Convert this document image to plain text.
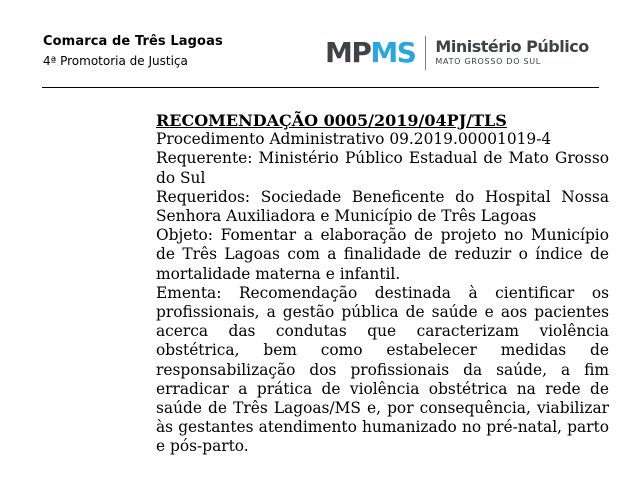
Comarca de Três Lagoas
4ª Promotoria de Justiça	MP MS Ministério Público
MATO GROSSO DO SUL
RECOMENDAÇÃO 0005/2019/04PJ/TLS
Procedimento Administrativo 09.2019.00001019-4
Requerente: Ministério Público Estadual de Mato Grosso do Sul
Requeridos: Sociedade Beneficente do Hospital Nossa Senhora Auxiliadora e Município de Três Lagoas
Objeto: Fomentar a elaboração de projeto no Município de Três Lagoas com a finalidade de reduzir o índice de mortalidade materna e infantil.
Ementa: Recomendação destinada à cientificar os profissionais, a gestão pública de saúde e aos pacientes acerca das condutas que caracterizam violência obstétrica, bem como estabelecer medidas de responsabilização dos profissionais da saúde, a fim erradicar a prática de violência obstétrica na rede de saúde de Três Lagoas/MS e, por consequência, viabilizar às gestantes atendimento humanizado no pré-natal, parto e pós-parto.
